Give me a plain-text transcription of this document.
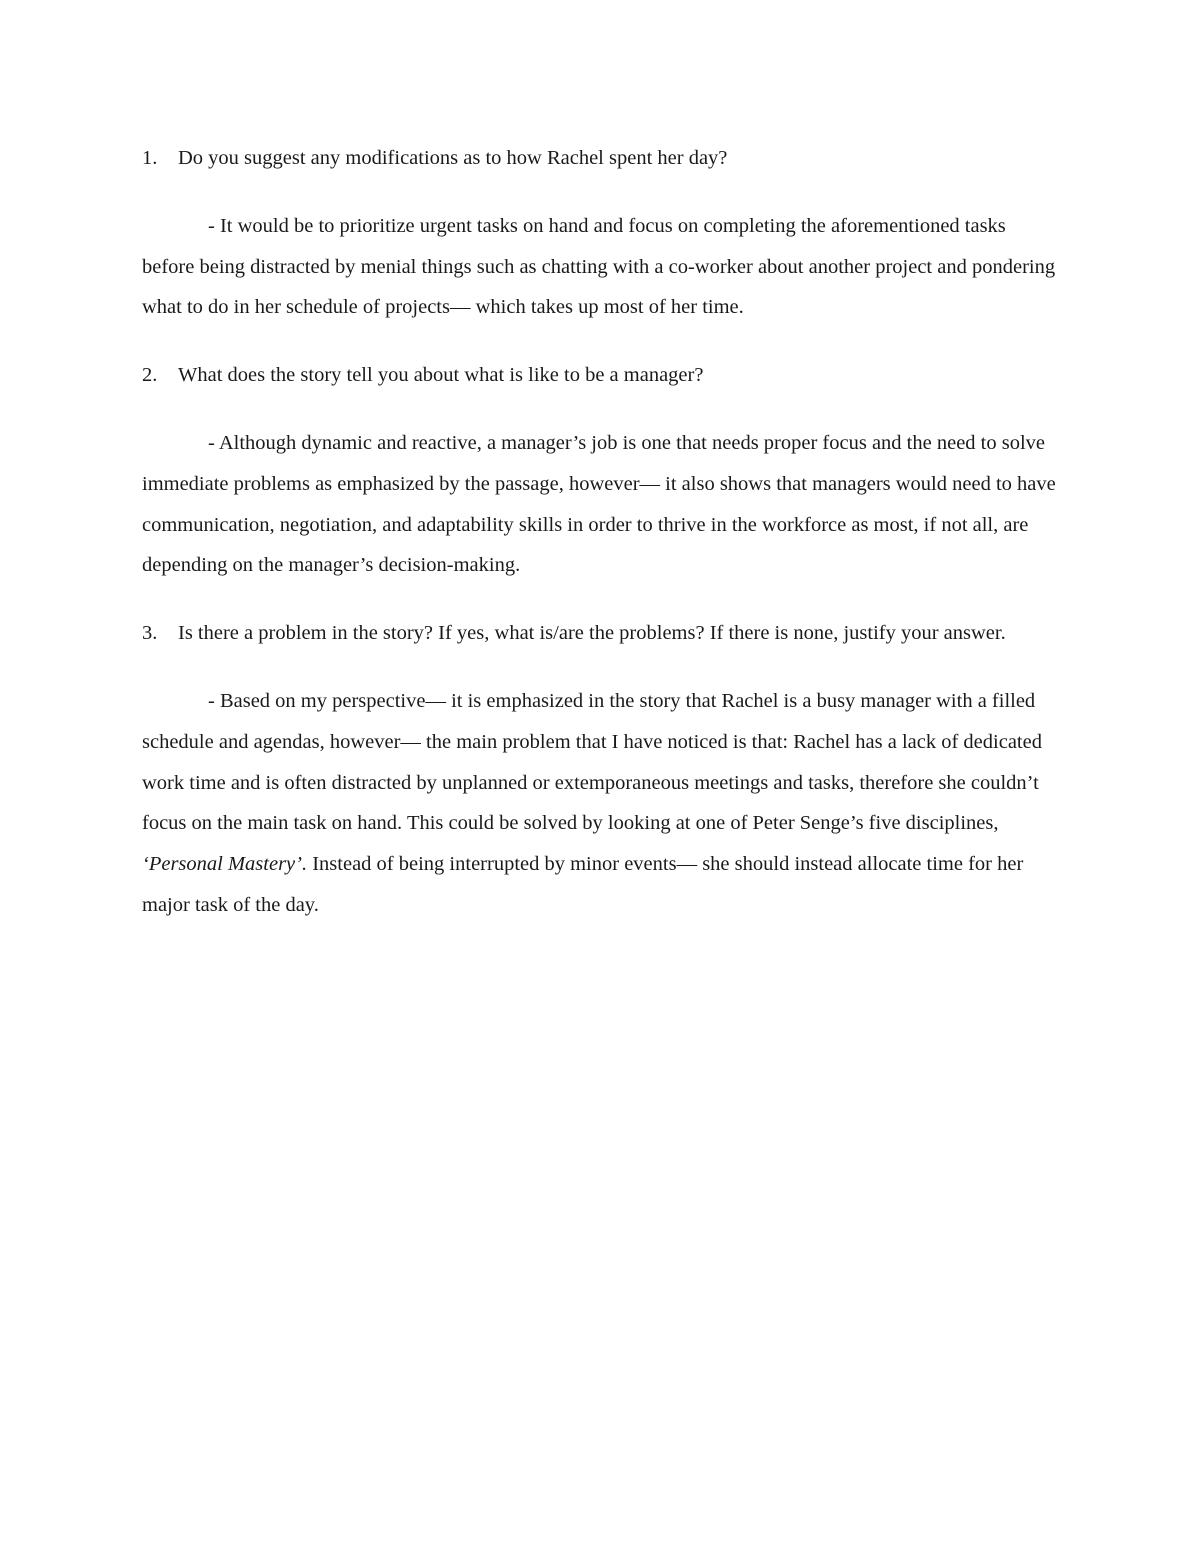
1. Do you suggest any modifications as to how Rachel spent her day?

- It would be to prioritize urgent tasks on hand and focus on completing the aforementioned tasks before being distracted by menial things such as chatting with a co-worker about another project and pondering what to do in her schedule of projects— which takes up most of her time.

2. What does the story tell you about what is like to be a manager?

- Although dynamic and reactive, a manager’s job is one that needs proper focus and the need to solve immediate problems as emphasized by the passage, however— it also shows that managers would need to have communication, negotiation, and adaptability skills in order to thrive in the workforce as most, if not all, are depending on the manager’s decision-making.

3. Is there a problem in the story? If yes, what is/are the problems? If there is none, justify your answer.

- Based on my perspective— it is emphasized in the story that Rachel is a busy manager with a filled schedule and agendas, however— the main problem that I have noticed is that: Rachel has a lack of dedicated work time and is often distracted by unplanned or extemporaneous meetings and tasks, therefore she couldn’t focus on the main task on hand. This could be solved by looking at one of Peter Senge’s five disciplines, ‘Personal Mastery’. Instead of being interrupted by minor events— she should instead allocate time for her major task of the day.
